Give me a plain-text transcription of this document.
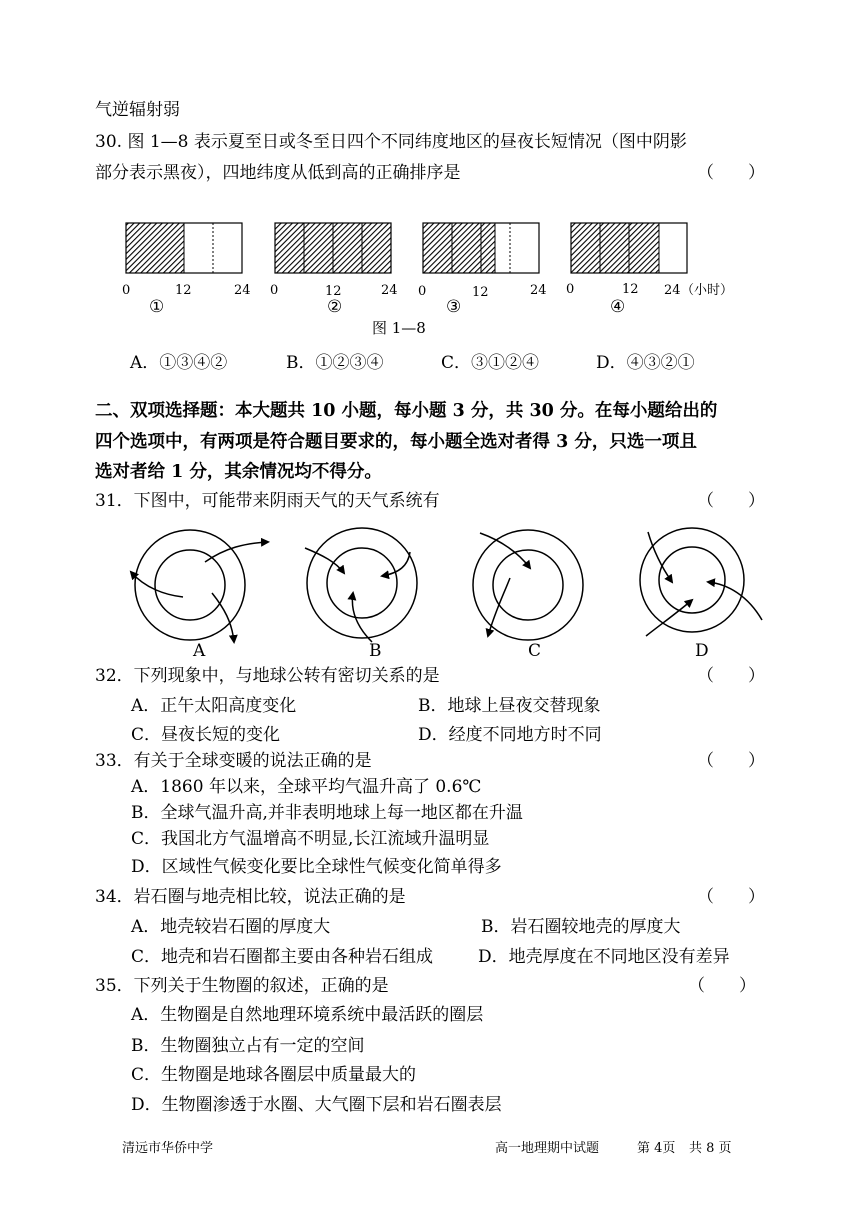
气逆辐射弱
30. 图 1—8 表示夏至日或冬至日四个不同纬度地区的昼夜长短情况（图中阴影
部分表示黑夜），四地纬度从低到高的正确排序是	（　　）
0	12	24 0	12	24 0	12	24 0	12 24 （小时）
①	②	③	④
图 1—8
A．①③④②	B．①②③④	C．③①②④	D．④③②①
二、双项选择题：本大题共 10 小题，每小题 3 分，共 30 分。在每小题给出的
四个选项中，有两项是符合题目要求的，每小题全选对者得 3 分，只选一项且
选对者给 1 分，其余情况均不得分。
31．下图中，可能带来阴雨天气的天气系统有	（　　）
A	B	C	D
32．下列现象中，与地球公转有密切关系的是	（　　）
A．正午太阳高度变化	B．地球上昼夜交替现象
C．昼夜长短的变化	D．经度不同地方时不同
33．有关于全球变暖的说法正确的是	（　　）
A．1860 年以来，全球平均气温升高了 0.6℃
B．全球气温升高,并非表明地球上每一地区都在升温
C．我国北方气温增高不明显,长江流域升温明显
D．区域性气候变化要比全球性气候变化简单得多
34．岩石圈与地壳相比较，说法正确的是	（　　）
A．地壳较岩石圈的厚度大	B．岩石圈较地壳的厚度大
C．地壳和岩石圈都主要由各种岩石组成	D．地壳厚度在不同地区没有差异
35．下列关于生物圈的叙述，正确的是	（　　）
A．生物圈是自然地理环境系统中最活跃的圈层
B．生物圈独立占有一定的空间
C．生物圈是地球各圈层中质量最大的
D．生物圈渗透于水圈、大气圈下层和岩石圈表层
清远市华侨中学	高一地理期中试题	第 4页 共 8 页
